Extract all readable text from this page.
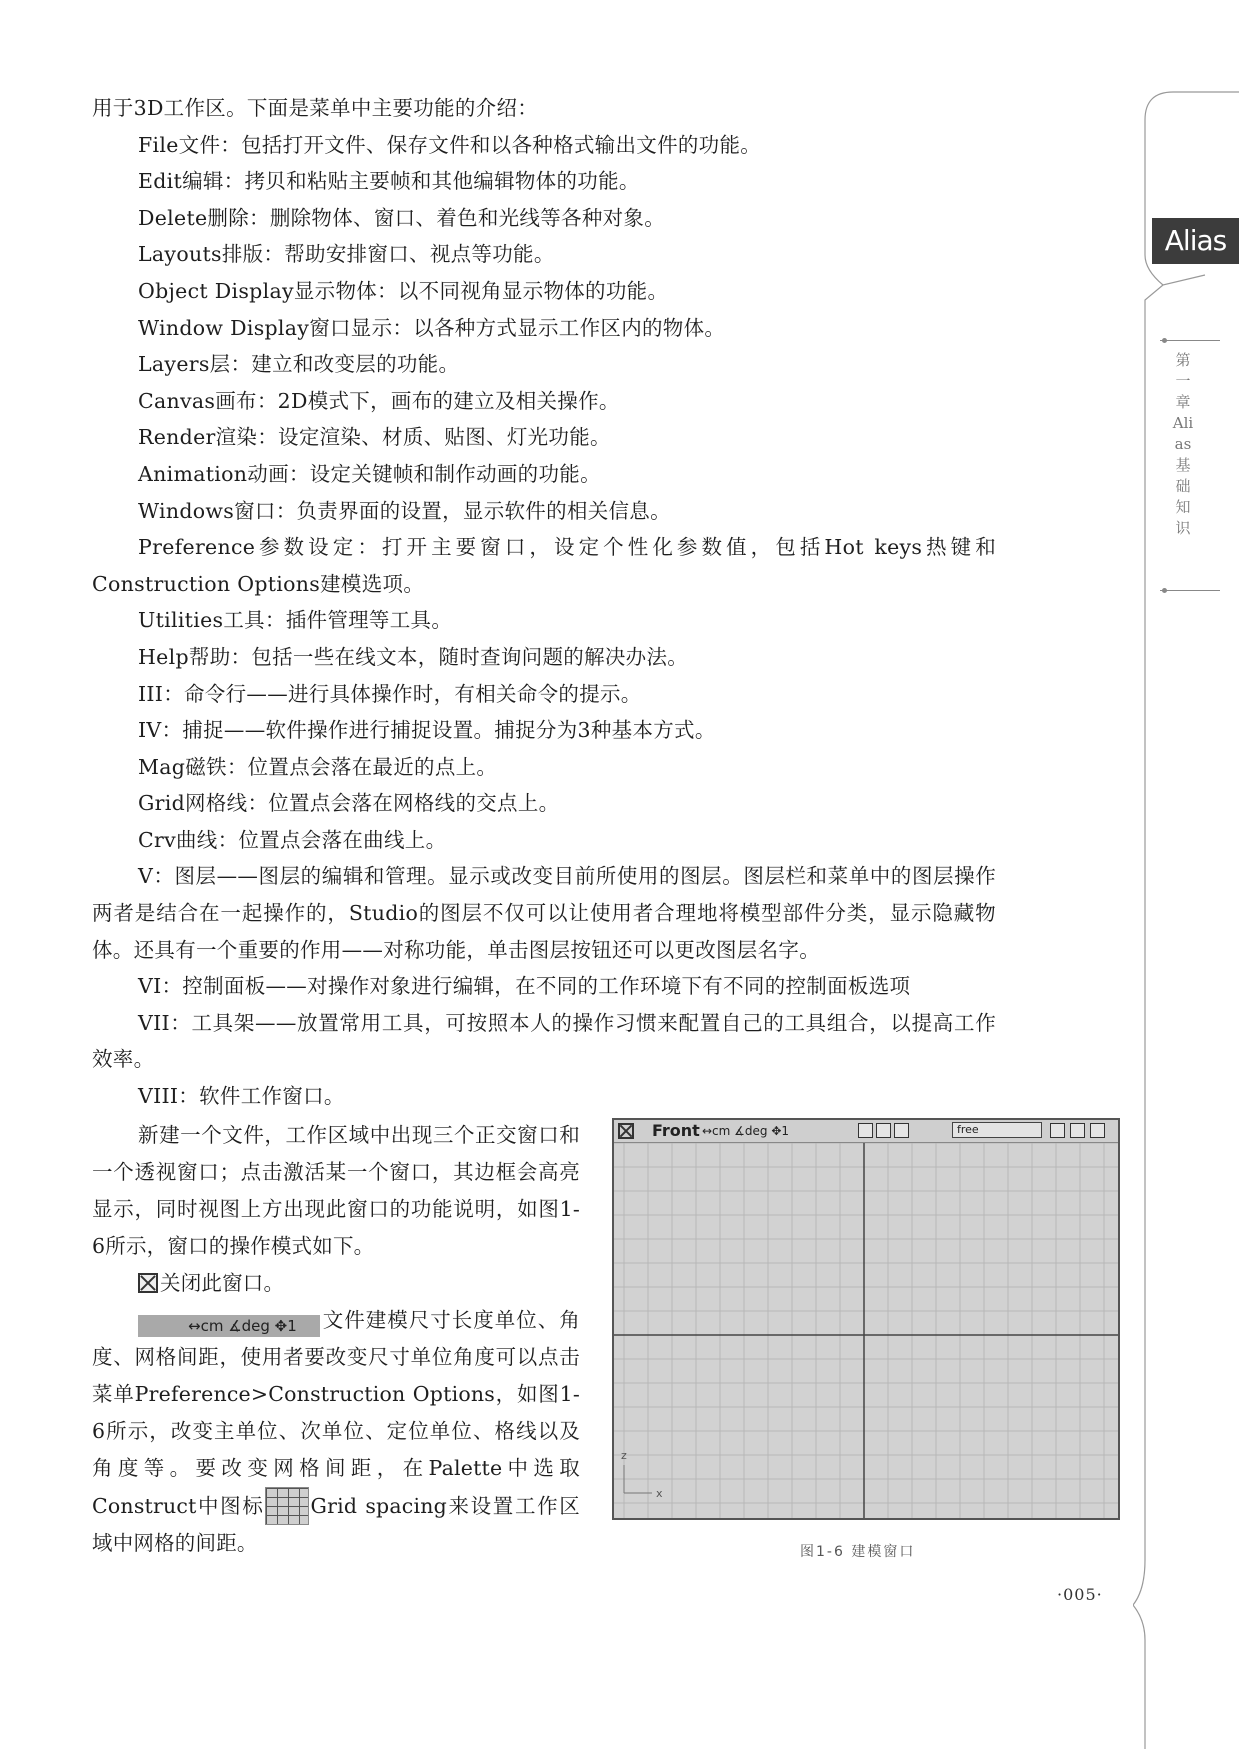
用于3D工作区。下面是菜单中主要功能的介绍：

File文件：包括打开文件、保存文件和以各种格式输出文件的功能。

Edit编辑：拷贝和粘贴主要帧和其他编辑物体的功能。

Delete删除：删除物体、窗口、着色和光线等各种对象。

Layouts排版：帮助安排窗口、视点等功能。

Object Display显示物体：以不同视角显示物体的功能。

Window Display窗口显示：以各种方式显示工作区内的物体。

Layers层：建立和改变层的功能。

Canvas画布：2D模式下，画布的建立及相关操作。

Render渲染：设定渲染、材质、贴图、灯光功能。

Animation动画：设定关键帧和制作动画的功能。

Windows窗口：负责界面的设置，显示软件的相关信息。

Preference参数设定：打开主要窗口，设定个性化参数值，包括Hot keys热键和Construction Options建模选项。

Utilities工具：插件管理等工具。

Help帮助：包括一些在线文本，随时查询问题的解决办法。

III：命令行——进行具体操作时，有相关命令的提示。

IV：捕捉——软件操作进行捕捉设置。捕捉分为3种基本方式。

Mag磁铁：位置点会落在最近的点上。

Grid网格线：位置点会落在网格线的交点上。

Crv曲线：位置点会落在曲线上。

V：图层——图层的编辑和管理。显示或改变目前所使用的图层。图层栏和菜单中的图层操作两者是结合在一起操作的，Studio的图层不仅可以让使用者合理地将模型部件分类，显示隐藏物体。还具有一个重要的作用——对称功能，单击图层按钮还可以更改图层名字。

VI：控制面板——对操作对象进行编辑，在不同的工作环境下有不同的控制面板选项

VII：工具架——放置常用工具，可按照本人的操作习惯来配置自己的工具组合，以提高工作效率。

VIII：软件工作窗口。

新建一个文件，工作区域中出现三个正交窗口和一个透视窗口；点击激活某一个窗口，其边框会高亮显示，同时视图上方出现此窗口的功能说明，如图1-6所示，窗口的操作模式如下。

关闭此窗口。

↔cm ∡deg ✥1 文件建模尺寸长度单位、角度、网格间距，使用者要改变尺寸单位角度可以点击菜单Preference>Construction Options，如图1-6所示，改变主单位、次单位、定位单位、格线以及角度等。要改变网格间距，在Palette中选取Construct中图标 Grid spacing来设置工作区域中网格的间距。

Front ↔cm ∡deg ✥1	free
z
x
图1-6 建模窗口
Alias
第一章 Alias基础知识
·005·
